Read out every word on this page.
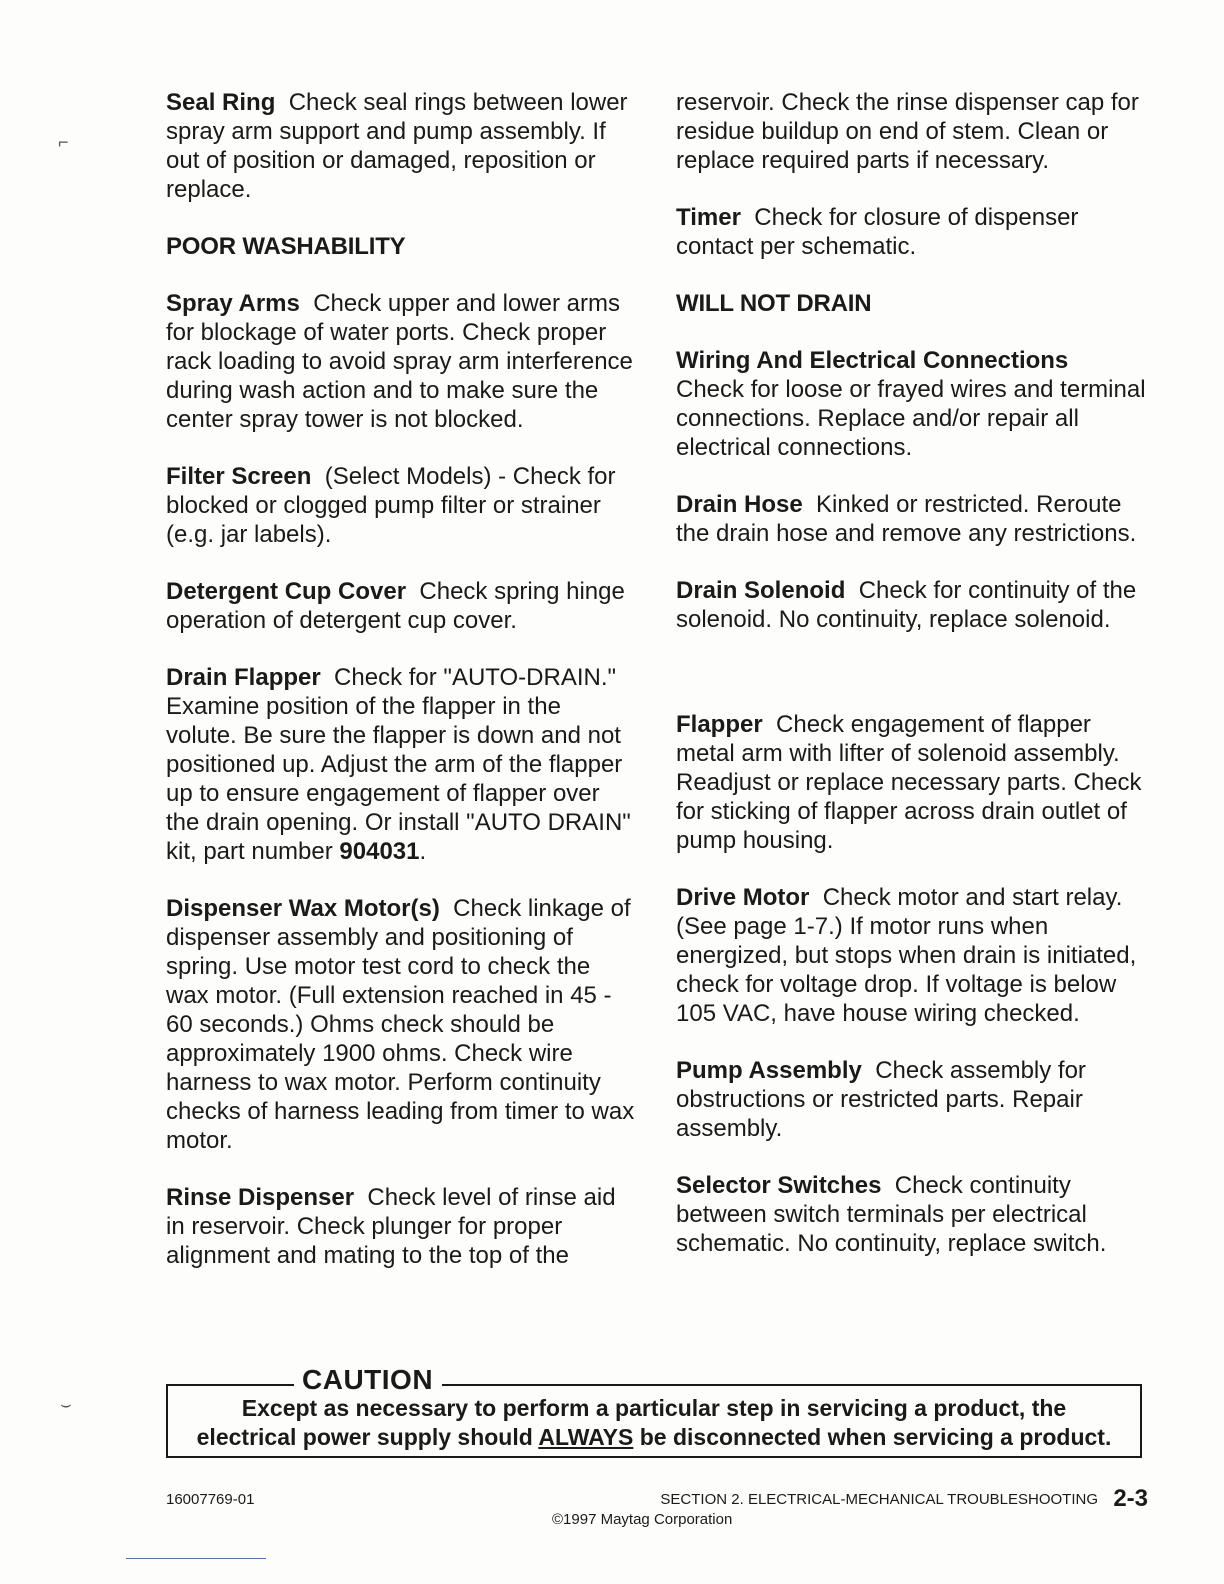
Seal Ring Check seal rings between lower spray arm support and pump assembly. If out of position or damaged, reposition or replace.

POOR WASHABILITY

Spray Arms Check upper and lower arms for blockage of water ports. Check proper rack loading to avoid spray arm interference during wash action and to make sure the center spray tower is not blocked.

Filter Screen (Select Models) - Check for blocked or clogged pump filter or strainer (e.g. jar labels).

Detergent Cup Cover Check spring hinge operation of detergent cup cover.

Drain Flapper Check for "AUTO-DRAIN." Examine position of the flapper in the volute. Be sure the flapper is down and not positioned up. Adjust the arm of the flapper up to ensure engagement of flapper over the drain opening. Or install "AUTO DRAIN" kit, part number 904031.

Dispenser Wax Motor(s) Check linkage of dispenser assembly and positioning of spring. Use motor test cord to check the wax motor. (Full extension reached in 45 - 60 seconds.) Ohms check should be approximately 1900 ohms. Check wire harness to wax motor. Perform continuity checks of harness leading from timer to wax motor.

Rinse Dispenser Check level of rinse aid in reservoir. Check plunger for proper alignment and mating to the top of the

reservoir. Check the rinse dispenser cap for residue buildup on end of stem. Clean or replace required parts if necessary.

Timer Check for closure of dispenser contact per schematic.

WILL NOT DRAIN

Wiring And Electrical Connections
Check for loose or frayed wires and terminal connections. Replace and/or repair all electrical connections.

Drain Hose Kinked or restricted. Reroute the drain hose and remove any restrictions.

Drain Solenoid Check for continuity of the solenoid. No continuity, replace solenoid.

Flapper Check engagement of flapper metal arm with lifter of solenoid assembly. Readjust or replace necessary parts. Check for sticking of flapper across drain outlet of pump housing.

Drive Motor Check motor and start relay. (See page 1-7.) If motor runs when energized, but stops when drain is initiated, check for voltage drop. If voltage is below 105 VAC, have house wiring checked.

Pump Assembly Check assembly for obstructions or restricted parts. Repair assembly.

Selector Switches Check continuity between switch terminals per electrical schematic. No continuity, replace switch.

CAUTION
Except as necessary to perform a particular step in servicing a product, the
electrical power supply should ALWAYS be disconnected when servicing a product.
16007769-01	SECTION 2. ELECTRICAL-MECHANICAL TROUBLESHOOTING 2-3
©1997 Maytag Corporation
⌐
⌣
